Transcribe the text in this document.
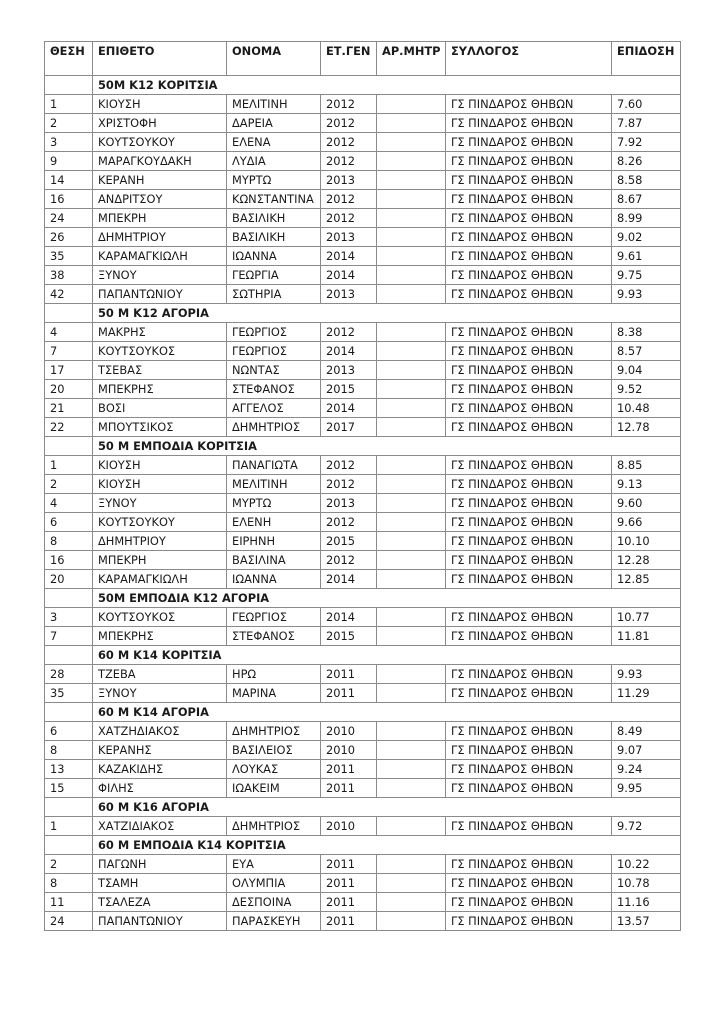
ΘΕΣΗ	ΕΠΙΘΕΤΟ	ΟΝΟΜΑ	ΕΤ.ΓΕΝ	ΑΡ.ΜΗΤΡ	ΣΥΛΛΟΓΟΣ	ΕΠΙΔΟΣΗ
	50Μ Κ12 ΚΟΡΙΤΣΙΑ					
1	ΚΙΟΥΣΗ	ΜΕΛΙΤΙΝΗ	2012		ΓΣ ΠΙΝΔΑΡΟΣ ΘΗΒΩΝ	7.60
2	ΧΡΙΣΤΟΦΗ	ΔΑΡΕΙΑ	2012		ΓΣ ΠΙΝΔΑΡΟΣ ΘΗΒΩΝ	7.87
3	ΚΟΥΤΣΟΥΚΟΥ	ΕΛΕΝΑ	2012		ΓΣ ΠΙΝΔΑΡΟΣ ΘΗΒΩΝ	7.92
9	ΜΑΡΑΓΚΟΥΔΑΚΗ	ΛΥΔΙΑ	2012		ΓΣ ΠΙΝΔΑΡΟΣ ΘΗΒΩΝ	8.26
14	ΚΕΡΑΝΗ	ΜΥΡΤΩ	2013		ΓΣ ΠΙΝΔΑΡΟΣ ΘΗΒΩΝ	8.58
16	ΑΝΔΡΙΤΣΟΥ	ΚΩΝΣΤΑΝΤΙΝΑ	2012		ΓΣ ΠΙΝΔΑΡΟΣ ΘΗΒΩΝ	8.67
24	ΜΠΕΚΡΗ	ΒΑΣΙΛΙΚΗ	2012		ΓΣ ΠΙΝΔΑΡΟΣ ΘΗΒΩΝ	8.99
26	ΔΗΜΗΤΡΙΟΥ	ΒΑΣΙΛΙΚΗ	2013		ΓΣ ΠΙΝΔΑΡΟΣ ΘΗΒΩΝ	9.02
35	ΚΑΡΑΜΑΓΚΙΩΛΗ	ΙΩΑΝΝΑ	2014		ΓΣ ΠΙΝΔΑΡΟΣ ΘΗΒΩΝ	9.61
38	ΞΥΝΟΥ	ΓΕΩΡΓΙΑ	2014		ΓΣ ΠΙΝΔΑΡΟΣ ΘΗΒΩΝ	9.75
42	ΠΑΠΑΝΤΩΝΙΟΥ	ΣΩΤΗΡΙΑ	2013		ΓΣ ΠΙΝΔΑΡΟΣ ΘΗΒΩΝ	9.93
	50 Μ Κ12 ΑΓΟΡΙΑ					
4	ΜΑΚΡΗΣ	ΓΕΩΡΓΙΟΣ	2012		ΓΣ ΠΙΝΔΑΡΟΣ ΘΗΒΩΝ	8.38
7	ΚΟΥΤΣΟΥΚΟΣ	ΓΕΩΡΓΙΟΣ	2014		ΓΣ ΠΙΝΔΑΡΟΣ ΘΗΒΩΝ	8.57
17	ΤΣΕΒΑΣ	ΝΩΝΤΑΣ	2013		ΓΣ ΠΙΝΔΑΡΟΣ ΘΗΒΩΝ	9.04
20	ΜΠΕΚΡΗΣ	ΣΤΕΦΑΝΟΣ	2015		ΓΣ ΠΙΝΔΑΡΟΣ ΘΗΒΩΝ	9.52
21	ΒΟΣΙ	ΑΓΓΕΛΟΣ	2014		ΓΣ ΠΙΝΔΑΡΟΣ ΘΗΒΩΝ	10.48
22	ΜΠΟΥΤΣΙΚΟΣ	ΔΗΜΗΤΡΙΟΣ	2017		ΓΣ ΠΙΝΔΑΡΟΣ ΘΗΒΩΝ	12.78
	50 Μ ΕΜΠΟΔΙΑ ΚΟΡΙΤΣΙΑ					
1	ΚΙΟΥΣΗ	ΠΑΝΑΓΙΩΤΑ	2012		ΓΣ ΠΙΝΔΑΡΟΣ ΘΗΒΩΝ	8.85
2	ΚΙΟΥΣΗ	ΜΕΛΙΤΙΝΗ	2012		ΓΣ ΠΙΝΔΑΡΟΣ ΘΗΒΩΝ	9.13
4	ΞΥΝΟΥ	ΜΥΡΤΩ	2013		ΓΣ ΠΙΝΔΑΡΟΣ ΘΗΒΩΝ	9.60
6	ΚΟΥΤΣΟΥΚΟΥ	ΕΛΕΝΗ	2012		ΓΣ ΠΙΝΔΑΡΟΣ ΘΗΒΩΝ	9.66
8	ΔΗΜΗΤΡΙΟΥ	ΕΙΡΗΝΗ	2015		ΓΣ ΠΙΝΔΑΡΟΣ ΘΗΒΩΝ	10.10
16	ΜΠΕΚΡΗ	ΒΑΣΙΛΙΝΑ	2012		ΓΣ ΠΙΝΔΑΡΟΣ ΘΗΒΩΝ	12.28
20	ΚΑΡΑΜΑΓΚΙΩΛΗ	ΙΩΑΝΝΑ	2014		ΓΣ ΠΙΝΔΑΡΟΣ ΘΗΒΩΝ	12.85
	50Μ ΕΜΠΟΔΙΑ Κ12 ΑΓΟΡΙΑ					
3	ΚΟΥΤΣΟΥΚΟΣ	ΓΕΩΡΓΙΟΣ	2014		ΓΣ ΠΙΝΔΑΡΟΣ ΘΗΒΩΝ	10.77
7	ΜΠΕΚΡΗΣ	ΣΤΕΦΑΝΟΣ	2015		ΓΣ ΠΙΝΔΑΡΟΣ ΘΗΒΩΝ	11.81
	60 Μ Κ14 ΚΟΡΙΤΣΙΑ					
28	ΤΖΕΒΑ	ΗΡΩ	2011		ΓΣ ΠΙΝΔΑΡΟΣ ΘΗΒΩΝ	9.93
35	ΞΥΝΟΥ	ΜΑΡΙΝΑ	2011		ΓΣ ΠΙΝΔΑΡΟΣ ΘΗΒΩΝ	11.29
	60 Μ Κ14 ΑΓΟΡΙΑ					
6	ΧΑΤΖΗΔΙΑΚΟΣ	ΔΗΜΗΤΡΙΟΣ	2010		ΓΣ ΠΙΝΔΑΡΟΣ ΘΗΒΩΝ	8.49
8	ΚΕΡΑΝΗΣ	ΒΑΣΙΛΕΙΟΣ	2010		ΓΣ ΠΙΝΔΑΡΟΣ ΘΗΒΩΝ	9.07
13	ΚΑΖΑΚΙΔΗΣ	ΛΟΥΚΑΣ	2011		ΓΣ ΠΙΝΔΑΡΟΣ ΘΗΒΩΝ	9.24
15	ΦΙΛΗΣ	ΙΩΑΚΕΙΜ	2011		ΓΣ ΠΙΝΔΑΡΟΣ ΘΗΒΩΝ	9.95
	60 Μ Κ16 ΑΓΟΡΙΑ					
1	ΧΑΤΖΙΔΙΑΚΟΣ	ΔΗΜΗΤΡΙΟΣ	2010		ΓΣ ΠΙΝΔΑΡΟΣ ΘΗΒΩΝ	9.72
	60 Μ ΕΜΠΟΔΙΑ Κ14 ΚΟΡΙΤΣΙΑ					
2	ΠΑΓΩΝΗ	ΕΥΑ	2011		ΓΣ ΠΙΝΔΑΡΟΣ ΘΗΒΩΝ	10.22
8	ΤΣΑΜΗ	ΟΛΥΜΠΙΑ	2011		ΓΣ ΠΙΝΔΑΡΟΣ ΘΗΒΩΝ	10.78
11	ΤΣΑΛΕΖΑ	ΔΕΣΠΟΙΝΑ	2011		ΓΣ ΠΙΝΔΑΡΟΣ ΘΗΒΩΝ	11.16
24	ΠΑΠΑΝΤΩΝΙΟΥ	ΠΑΡΑΣΚΕΥΗ	2011		ΓΣ ΠΙΝΔΑΡΟΣ ΘΗΒΩΝ	13.57
